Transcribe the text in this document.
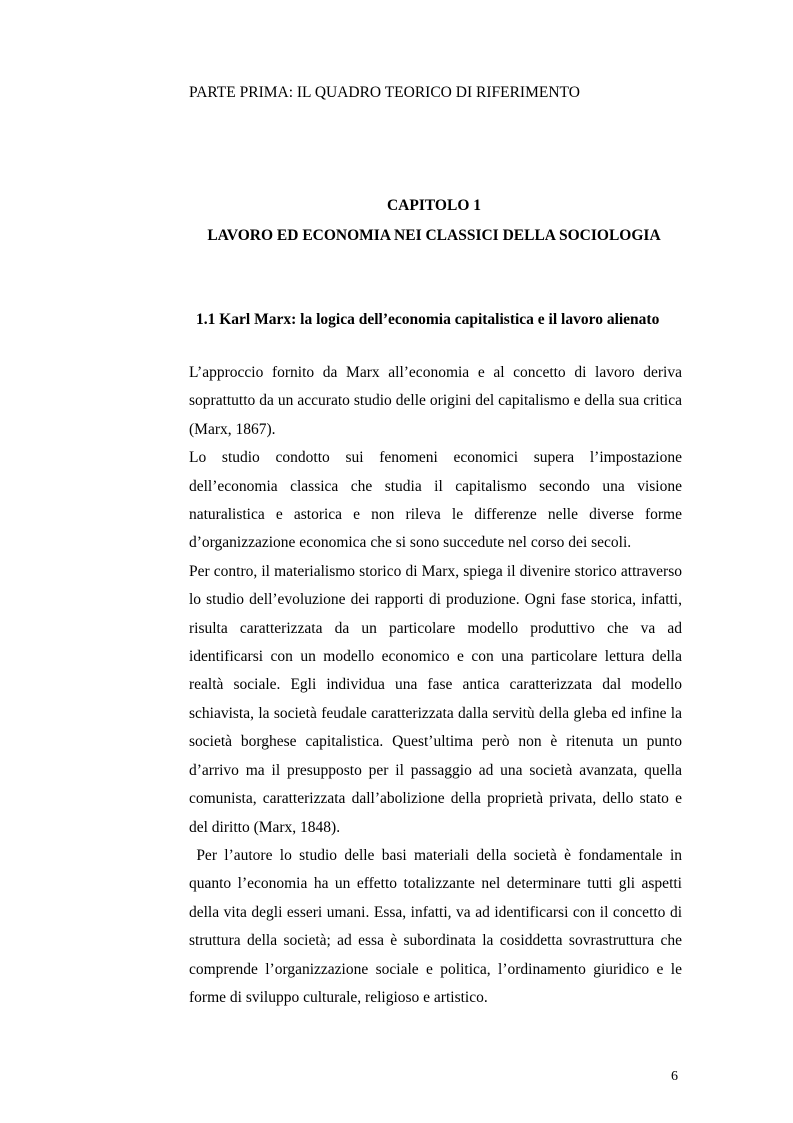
PARTE PRIMA: IL QUADRO TEORICO DI RIFERIMENTO
CAPITOLO 1
LAVORO ED ECONOMIA NEI CLASSICI DELLA SOCIOLOGIA
1.1 Karl Marx: la logica dell’economia capitalistica e il lavoro alienato

L’approccio fornito da Marx all’economia e al concetto di lavoro deriva soprattutto da un accurato studio delle origini del capitalismo e della sua critica (Marx, 1867).

Lo studio condotto sui fenomeni economici supera l’impostazione dell’economia classica che studia il capitalismo secondo una visione naturalistica e astorica e non rileva le differenze nelle diverse forme d’organizzazione economica che si sono succedute nel corso dei secoli.

Per contro, il materialismo storico di Marx, spiega il divenire storico attraverso lo studio dell’evoluzione dei rapporti di produzione. Ogni fase storica, infatti, risulta caratterizzata da un particolare modello produttivo che va ad identificarsi con un modello economico e con una particolare lettura della realtà sociale. Egli individua una fase antica caratterizzata dal modello schiavista, la società feudale caratterizzata dalla servitù della gleba ed infine la società borghese capitalistica. Quest’ultima però non è ritenuta un punto d’arrivo ma il presupposto per il passaggio ad una società avanzata, quella comunista, caratterizzata dall’abolizione della proprietà privata, dello stato e del diritto (Marx, 1848).

Per l’autore lo studio delle basi materiali della società è fondamentale in quanto l’economia ha un effetto totalizzante nel determinare tutti gli aspetti della vita degli esseri umani. Essa, infatti, va ad identificarsi con il concetto di struttura della società; ad essa è subordinata la cosiddetta sovrastruttura che comprende l’organizzazione sociale e politica, l’ordinamento giuridico e le forme di sviluppo culturale, religioso e artistico.

6
